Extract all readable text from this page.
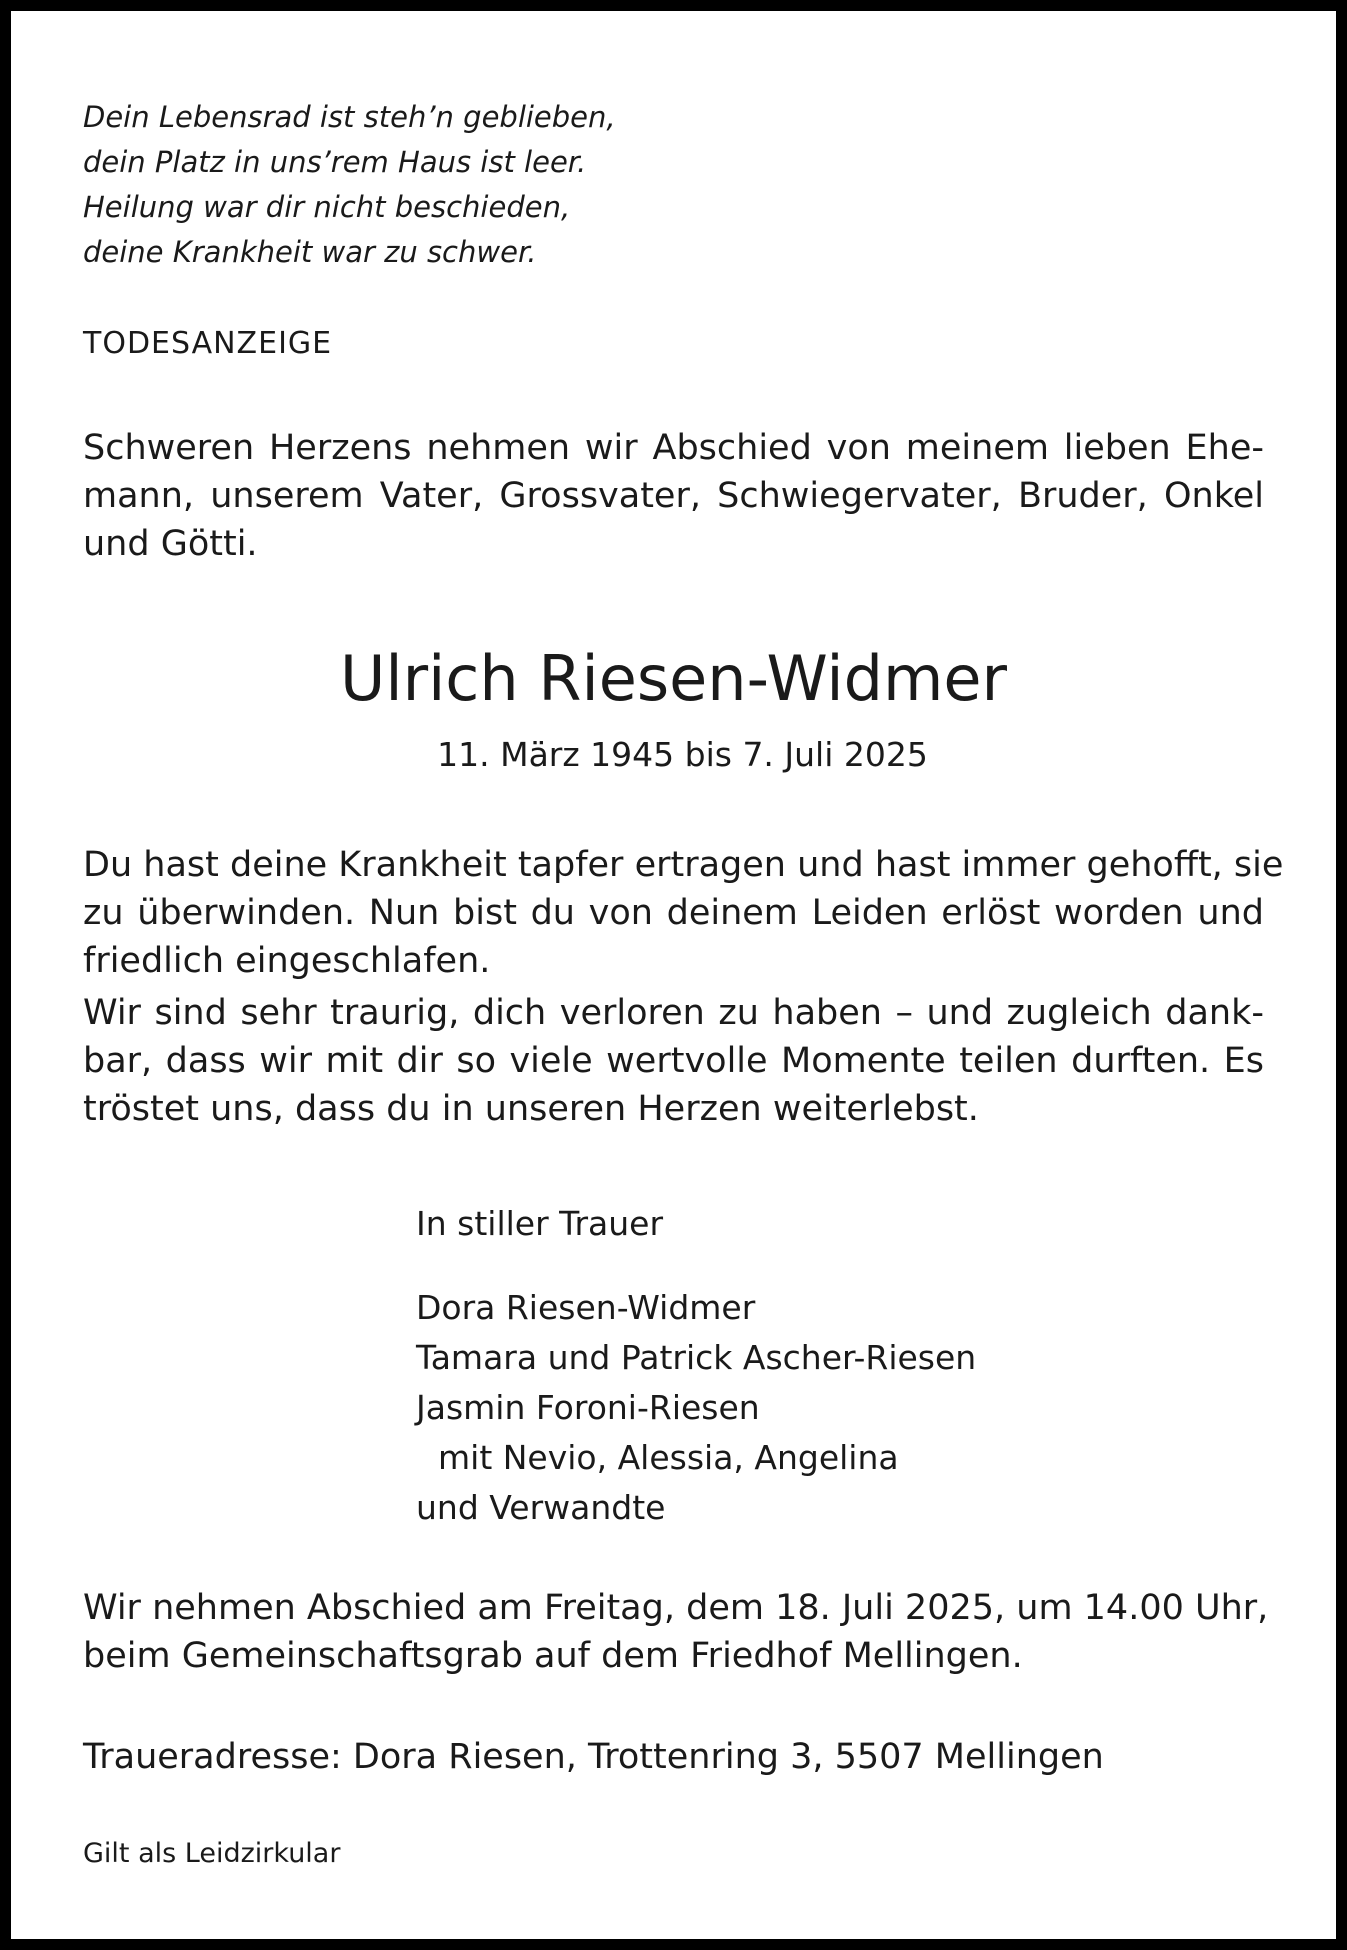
Dein Lebensrad ist steh’n geblieben,
dein Platz in uns’rem Haus ist leer.
Heilung war dir nicht beschieden,
deine Krankheit war zu schwer.
TODESANZEIGE
Schweren Herzens nehmen wir Abschied von meinem lieben Ehe-
mann, unserem Vater, Grossvater, Schwiegervater, Bruder, Onkel
und Götti.
Ulrich Riesen-Widmer
11. März 1945 bis 7. Juli 2025
Du hast deine Krankheit tapfer ertragen und hast immer gehofft, sie
zu überwinden. Nun bist du von deinem Leiden erlöst worden und
friedlich eingeschlafen.
Wir sind sehr traurig, dich verloren zu haben – und zugleich dank-
bar, dass wir mit dir so viele wertvolle Momente teilen durften. Es
tröstet uns, dass du in unseren Herzen weiterlebst.
In stiller Trauer
Dora Riesen-Widmer
Tamara und Patrick Ascher-Riesen
Jasmin Foroni-Riesen
mit Nevio, Alessia, Angelina
und Verwandte
Wir nehmen Abschied am Freitag, dem 18. Juli 2025, um 14.00 Uhr,
beim Gemeinschaftsgrab auf dem Friedhof Mellingen.
Traueradresse: Dora Riesen, Trottenring 3, 5507 Mellingen
Gilt als Leidzirkular
